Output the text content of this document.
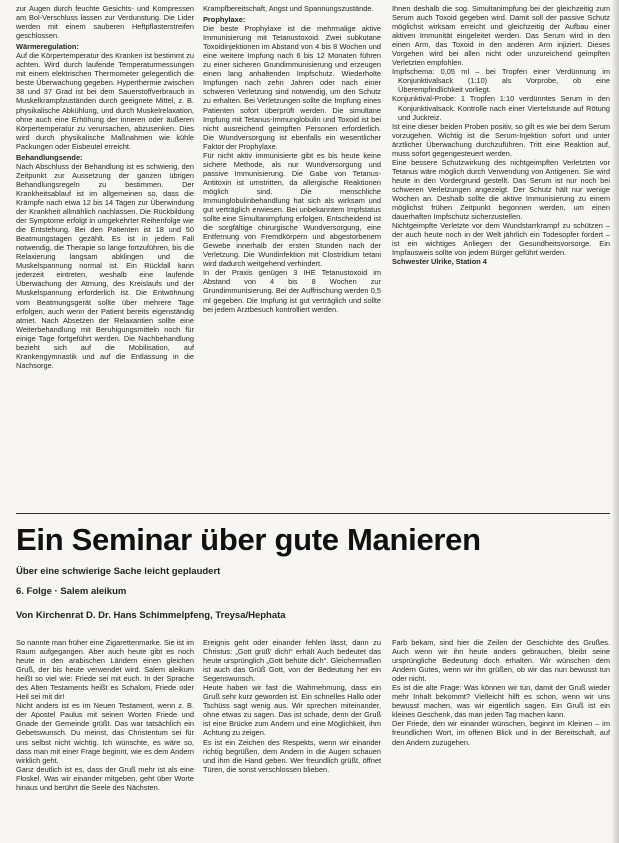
zur Augen durch feuchte Gesichts- und Kompressen am Bol-Verschluss lassen zur Verdunstung. Die Lider werden mit einem sauberen Heftpflasterstreifen geschlossen.

Wärmeregulation:

Auf die Körpertemperatur des Kranken ist bestimmt zu achten. Wird durch laufende Temperaturmessungen mit einem elektrischen Thermometer gelegentlich die beste Überwachung gegeben. Hyperthermie zwischen 38 und 37 Grad ist bei dem Sauerstoffverbrauch in Muskelkrampfzuständen durch geeignete Mittel, z. B. physikalische Abkühlung, und durch Muskelrelaxation, ohne auch eine Erhöhung der inneren oder äußeren Körpertemperatur zu verursachen, abzusenken. Dies wird durch physikalische Maßnahmen wie kühle Packungen oder Eisbeutel erreicht.

Behandlungsende:

Nach Abschluss der Behandlung ist es schwierig, den Zeitpunkt zur Aussetzung der ganzen übrigen Behandlungsregeln zu bestimmen. Der Krankheitsablauf ist im allgemeinen so, dass die Krämpfe nach etwa 12 bis 14 Tagen zur Überwindung der Krankheit allmählich nachlassen. Die Rückbildung der Symptome erfolgt in umgekehrter Reihenfolge wie die Entstehung. Bei den Patienten ist 18 und 50 Beatmungstagen gezählt. Es ist in jedem Fall notwendig, die Therapie so lange fortzuführen, bis die Relaxierung langsam abklingen und die Muskelspannung normal ist. Ein Rückfall kann jederzeit eintreten, weshalb eine laufende Überwachung der Atmung, des Kreislaufs und der Muskelspannung erforderlich ist. Die Entwöhnung vom Beatmungsgerät sollte über mehrere Tage erfolgen, auch wenn der Patient bereits eigenständig atmet. Nach Absetzen der Relaxantien sollte eine Weiterbehandlung mit Beruhigungsmitteln noch für einige Tage fortgeführt werden. Die Nachbehandlung bezieht sich auf die Mobilisation, auf Krankengymnastik und auf die Entlassung in die Nachsorge.

Krampfbereitschaft, Angst und Spannungszustände.

Prophylaxe:

Die beste Prophylaxe ist die mehrmalige aktive Immunisierung mit Tetanustoxoid. Zwei subkutane Toxoidinjektionen im Abstand von 4 bis 8 Wochen und eine weitere Impfung nach 6 bis 12 Monaten führen zu einer sicheren Grundimmunisierung und erzeugen einen lang anhaltenden Impfschutz. Wiederholte Impfungen nach zehn Jahren oder nach einer schweren Verletzung sind notwendig, um den Schutz zu erhalten. Bei Verletzungen sollte die Impfung eines Patienten sofort überprüft werden. Die simultane Impfung mit Tetanus-Immunglobulin und Toxoid ist bei nicht ausreichend geimpften Personen erforderlich. Die Wundversorgung ist ebenfalls ein wesentlicher Faktor der Prophylaxe.

Für nicht aktiv immunisierte gibt es bis heute keine sichere Methode, als nur Wundversorgung und passive Immunisierung. Die Gabe von Tetanus-Antitoxin ist umstritten, da allergische Reaktionen möglich sind. Die menschliche Immunglobulinbehandlung hat sich als wirksam und gut verträglich erwiesen. Bei unbekanntem Impfstatus sollte eine Simultanimpfung erfolgen. Entscheidend ist die sorgfältige chirurgische Wundversorgung, eine Entfernung von Fremdkörpern und abgestorbenem Gewebe innerhalb der ersten Stunden nach der Verletzung. Die Wundinfektion mit Clostridium tetani wird dadurch weitgehend verhindert.

In der Praxis genügen 3 IHE Tetanustoxoid im Abstand von 4 bis 8 Wochen zur Grundimmunisierung. Bei der Auffrischung werden 0,5 ml gegeben. Die Impfung ist gut verträglich und sollte bei jedem Arztbesuch kontrolliert werden.

Ihnen deshalb die sog. Simultanimpfung bei der gleichzeitig zum Serum auch Toxoid gegeben wird. Damit soll der passive Schutz möglichst wirksam erreicht und gleichzeitig der Aufbau einer aktiven Immunität eingeleitet werden. Das Serum wird in den einen Arm, das Toxoid in den anderen Arm injiziert. Dieses Vorgehen wird bei allen nicht oder unzureichend geimpften Verletzten empfohlen.

Impfschema: 0,05 ml – bei Tropfen einer Verdünnung im Konjunktivalsack (1:10) als Vorprobe, ob eine Überempfindlichkeit vorliegt.

Konjunktival-Probe: 1 Tropfen 1:10 verdünntes Serum in den Konjunktivalsack. Kontrolle nach einer Viertelstunde auf Rötung und Juckreiz.

Ist eine dieser beiden Proben positiv, so gilt es wie bei dem Serum vorzugehen. Wichtig ist die Serum-Injektion sofort und unter ärztlicher Überwachung durchzuführen. Tritt eine Reaktion auf, muss sofort gegengesteuert werden.

Eine bessere Schutzwirkung des nichtgeimpften Verletzten vor Tetanus wäre möglich durch Verwendung von Antigenen. Sie wird heute in den Vordergrund gestellt. Das Serum ist nur noch bei schweren Verletzungen angezeigt. Der Schutz hält nur wenige Wochen an. Deshalb sollte die aktive Immunisierung zu einem möglichst frühen Zeitpunkt begonnen werden, um einen dauerhaften Impfschutz sicherzustellen.

Nichtgeimpfte Verletzte vor dem Wundstarrkrampf zu schützen – der auch heute noch in der Welt jährlich ein Todesopfer fordert – ist ein wichtiges Anliegen der Gesundheitsvorsorge. Ein Impfausweis sollte von jedem Bürger geführt werden.

Schwester Ulrike, Station 4

Ein Seminar über gute Manieren
Über eine schwierige Sache leicht geplaudert
6. Folge · Salem aleikum
Von Kirchenrat D. Dr. Hans Schimmelpfeng, Treysa/Hephata

So nannte man früher eine Zigarettenmarke. Sie ist im Raum aufgegangen. Aber auch heute gibt es noch heute in den arabischen Ländern einen gleichen Gruß, der bis heute verwendet wird. Salem aleikum heißt so viel wie: Friede sei mit euch. In der Sprache des Alten Testaments heißt es Schalom, Friede oder Heil sei mit dir!

Nicht anders ist es im Neuen Testament, wenn z. B. der Apostel Paulus mit seinen Worten Friede und Gnade der Gemeinde grüßt. Das war tatsächlich ein Gebetswunsch. Du meinst, das Christentum sei für uns selbst nicht wichtig. Ich wünschte, es wäre so, dass man mit einer Frage beginnt, wie es dem Andern wirklich geht.

Ganz deutlich ist es, dass der Gruß mehr ist als eine Floskel. Was wir einander mitgeben, geht über Worte hinaus und berührt die Seele des Nächsten.

Ereignis geht oder einander fehlen lässt, dann zu Christus: „Gott grüß' dich!“ erhält Auch bedeutet das heute ursprünglich „Gott behüte dich“. Gleichermaßen ist auch das Grüß Gott, von der Bedeutung her ein Segenswunsch.

Heute haben wir fast die Wahrnehmung, dass ein Gruß sehr kurz geworden ist. Ein schnelles Hallo oder Tschüss sagt wenig aus. Wir sprechen miteinander, ohne etwas zu sagen. Das ist schade, denn der Gruß ist eine Brücke zum Andern und eine Möglichkeit, ihm Achtung zu zeigen.

Es ist ein Zeichen des Respekts, wenn wir einander richtig begrüßen, dem Andern in die Augen schauen und ihm die Hand geben. Wer freundlich grüßt, öffnet Türen, die sonst verschlossen blieben.

Farb bekam, sind hier die Zeilen der Geschichte des Grußes. Auch wenn wir ihn heute anders gebrauchen, bleibt seine ursprüngliche Bedeutung doch erhalten. Wir wünschen dem Andern Gutes, wenn wir ihn grüßen, ob wir das nun bewusst tun oder nicht.

Es ist die alte Frage: Was können wir tun, damit der Gruß wieder mehr Inhalt bekommt? Vielleicht hilft es schon, wenn wir uns bewusst machen, was wir eigentlich sagen. Ein Gruß ist ein kleines Geschenk, das man jeden Tag machen kann.

Der Friede, den wir einander wünschen, beginnt im Kleinen – im freundlichen Wort, im offenen Blick und in der Bereitschaft, auf den Andern zuzugehen.
